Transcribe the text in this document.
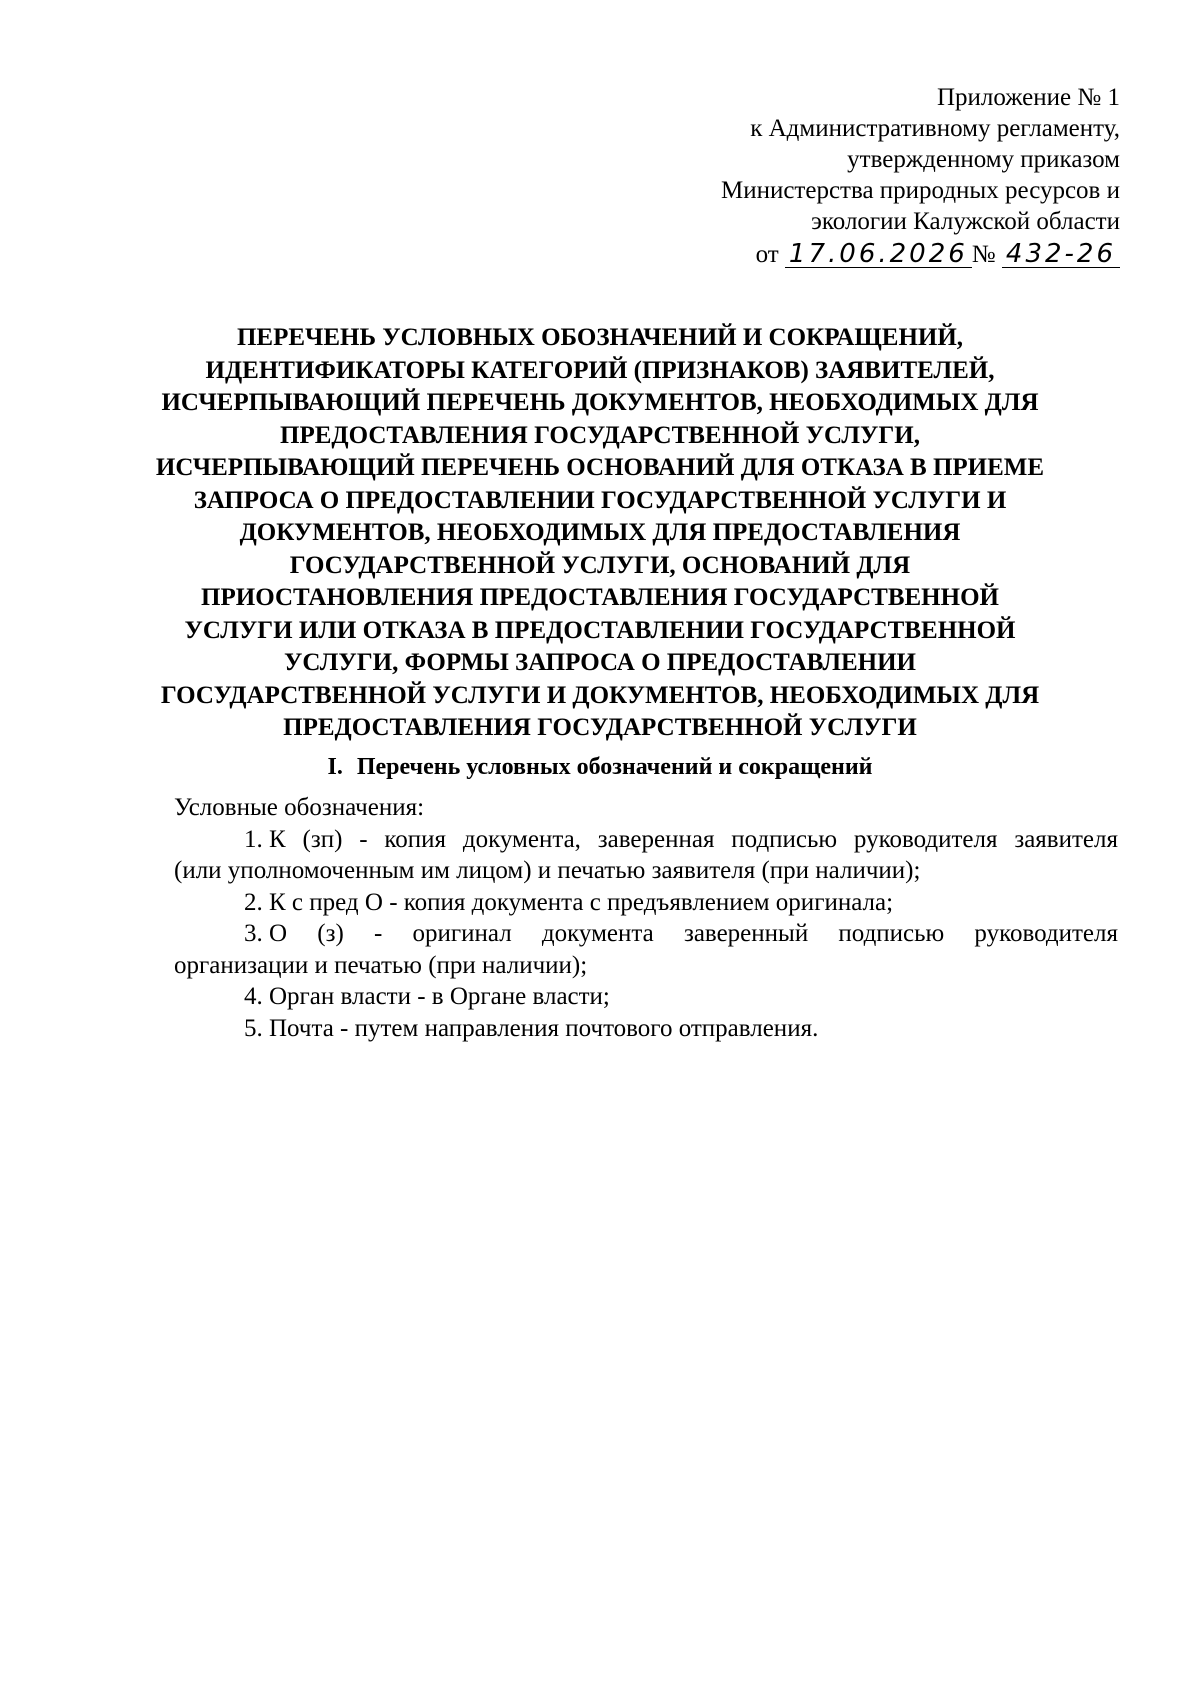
Приложение № 1
к Административному регламенту,
утвержденному приказом
Министерства природных ресурсов и
экологии Калужской области
от 17.06.2026 № 432-26
ПЕРЕЧЕНЬ УСЛОВНЫХ ОБОЗНАЧЕНИЙ И СОКРАЩЕНИЙ,
ИДЕНТИФИКАТОРЫ КАТЕГОРИЙ (ПРИЗНАКОВ) ЗАЯВИТЕЛЕЙ,
ИСЧЕРПЫВАЮЩИЙ ПЕРЕЧЕНЬ ДОКУМЕНТОВ, НЕОБХОДИМЫХ ДЛЯ
ПРЕДОСТАВЛЕНИЯ ГОСУДАРСТВЕННОЙ УСЛУГИ,
ИСЧЕРПЫВАЮЩИЙ ПЕРЕЧЕНЬ ОСНОВАНИЙ ДЛЯ ОТКАЗА В ПРИЕМЕ
ЗАПРОСА О ПРЕДОСТАВЛЕНИИ ГОСУДАРСТВЕННОЙ УСЛУГИ И
ДОКУМЕНТОВ, НЕОБХОДИМЫХ ДЛЯ ПРЕДОСТАВЛЕНИЯ
ГОСУДАРСТВЕННОЙ УСЛУГИ, ОСНОВАНИЙ ДЛЯ
ПРИОСТАНОВЛЕНИЯ ПРЕДОСТАВЛЕНИЯ ГОСУДАРСТВЕННОЙ
УСЛУГИ ИЛИ ОТКАЗА В ПРЕДОСТАВЛЕНИИ ГОСУДАРСТВЕННОЙ
УСЛУГИ, ФОРМЫ ЗАПРОСА О ПРЕДОСТАВЛЕНИИ
ГОСУДАРСТВЕННОЙ УСЛУГИ И ДОКУМЕНТОВ, НЕОБХОДИМЫХ ДЛЯ
ПРЕДОСТАВЛЕНИЯ ГОСУДАРСТВЕННОЙ УСЛУГИ
I. Перечень условных обозначений и сокращений

Условные обозначения:

1. К (зп) - копия документа, заверенная подписью руководителя заявителя

(или уполномоченным им лицом) и печатью заявителя (при наличии);

2. К с пред О - копия документа с предъявлением оригинала;

3. О (з) - оригинал документа заверенный подписью руководителя

организации и печатью (при наличии);

4. Орган власти - в Органе власти;

5. Почта - путем направления почтового отправления.
